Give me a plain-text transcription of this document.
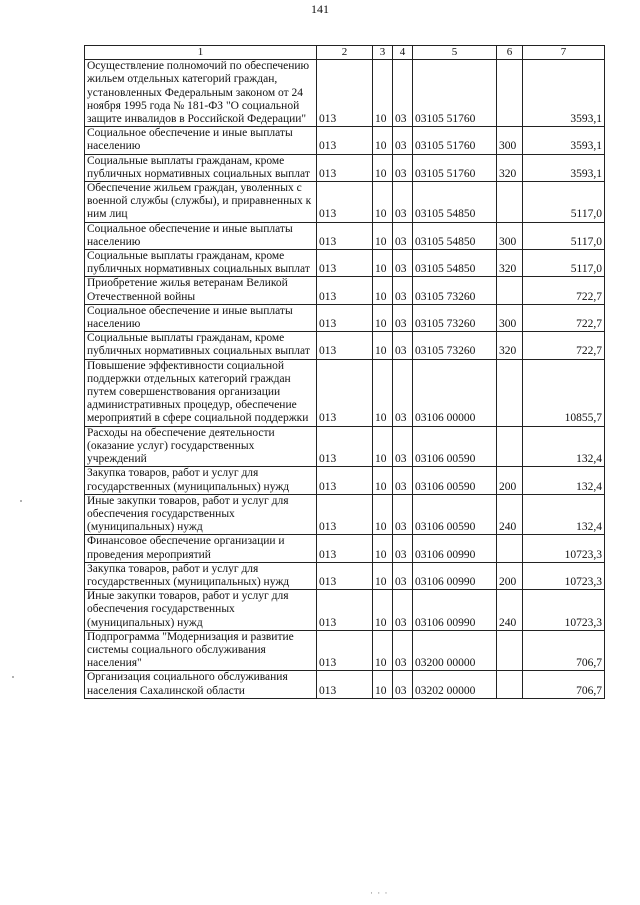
141
1	2	3	4	5	6	7
Осуществление полномочий по обеспечению жильем отдельных категорий граждан, установленных Федеральным законом от 24 ноября 1995 года № 181-ФЗ "О социальной защите инвалидов в Российской Федерации"	013	10	03	03105 51760		3593,1
Социальное обеспечение и иные выплаты населению	013	10	03	03105 51760	300	3593,1
Социальные выплаты гражданам, кроме публичных нормативных социальных выплат	013	10	03	03105 51760	320	3593,1
Обеспечение жильем граждан, уволенных с военной службы (службы), и приравненных к ним лиц	013	10	03	03105 54850		5117,0
Социальное обеспечение и иные выплаты населению	013	10	03	03105 54850	300	5117,0
Социальные выплаты гражданам, кроме публичных нормативных социальных выплат	013	10	03	03105 54850	320	5117,0
Приобретение жилья ветеранам Великой Отечественной войны	013	10	03	03105 73260		722,7
Социальное обеспечение и иные выплаты населению	013	10	03	03105 73260	300	722,7
Социальные выплаты гражданам, кроме публичных нормативных социальных выплат	013	10	03	03105 73260	320	722,7
Повышение эффективности социальной поддержки отдельных категорий граждан путем совершенствования организации административных процедур, обеспечение мероприятий в сфере социальной поддержки	013	10	03	03106 00000		10855,7
Расходы на обеспечение деятельности (оказание услуг) государственных учреждений	013	10	03	03106 00590		132,4
Закупка товаров, работ и услуг для государственных (муниципальных) нужд	013	10	03	03106 00590	200	132,4
Иные закупки товаров, работ и услуг для обеспечения государственных (муниципальных) нужд	013	10	03	03106 00590	240	132,4
Финансовое обеспечение организации и проведения мероприятий	013	10	03	03106 00990		10723,3
Закупка товаров, работ и услуг для государственных (муниципальных) нужд	013	10	03	03106 00990	200	10723,3
Иные закупки товаров, работ и услуг для обеспечения государственных (муниципальных) нужд	013	10	03	03106 00990	240	10723,3
Подпрограмма "Модернизация и развитие системы социального обслуживания населения"	013	10	03	03200 00000		706,7
Организация социального обслуживания населения Сахалинской области	013	10	03	03202 00000		706,7
· · ·
